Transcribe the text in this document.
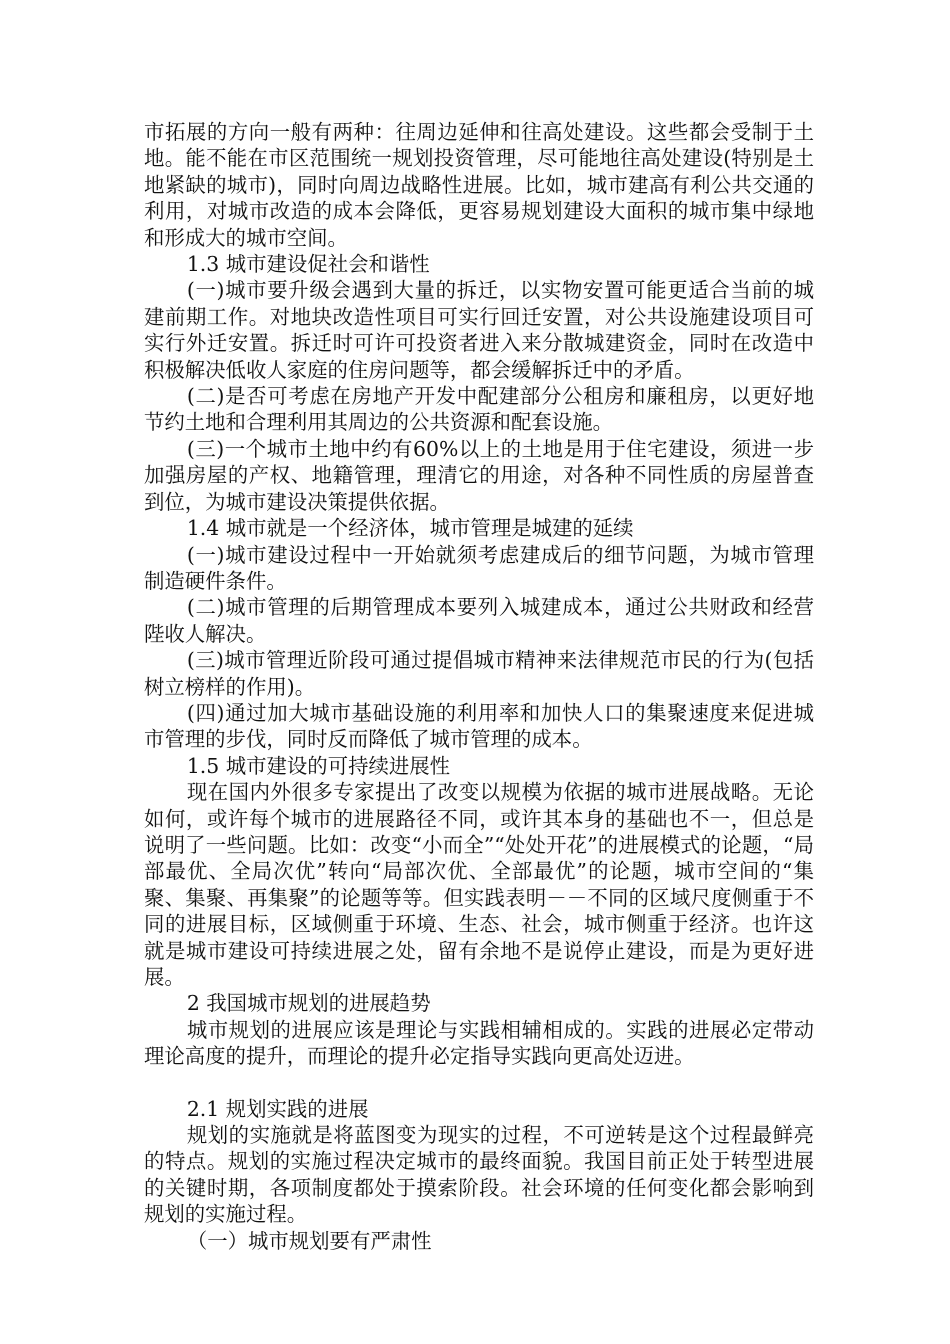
市拓展的方向一般有两种：往周边延伸和往高处建设。这些都会受制于土地。能不能在市区范围统一规划投资管理，尽可能地往高处建设(特别是土地紧缺的城市)，同时向周边战略性进展。比如，城市建高有利公共交通的利用，对城市改造的成本会降低，更容易规划建设大面积的城市集中绿地和形成大的城市空间。

1.3 城市建设促社会和谐性

(一)城市要升级会遇到大量的拆迁，以实物安置可能更适合当前的城建前期工作。对地块改造性项目可实行回迁安置，对公共设施建设项目可实行外迁安置。拆迁时可许可投资者进入来分散城建资金，同时在改造中积极解决低收人家庭的住房问题等，都会缓解拆迁中的矛盾。

(二)是否可考虑在房地产开发中配建部分公租房和廉租房，以更好地节约土地和合理利用其周边的公共资源和配套设施。

(三)一个城市土地中约有60%以上的土地是用于住宅建设，须进一步加强房屋的产权、地籍管理，理清它的用途，对各种不同性质的房屋普查到位，为城市建设决策提供依据。

1.4 城市就是一个经济体，城市管理是城建的延续

(一)城市建设过程中一开始就须考虑建成后的细节问题，为城市管理制造硬件条件。

(二)城市管理的后期管理成本要列入城建成本，通过公共财政和经营陛收人解决。

(三)城市管理近阶段可通过提倡城市精神来法律规范市民的行为(包括树立榜样的作用)。

(四)通过加大城市基础设施的利用率和加快人口的集聚速度来促进城市管理的步伐，同时反而降低了城市管理的成本。

1.5 城市建设的可持续进展性

现在国内外很多专家提出了改变以规模为依据的城市进展战略。无论如何，或许每个城市的进展路径不同，或许其本身的基础也不一，但总是说明了一些问题。比如：改变“小而全”“处处开花”的进展模式的论题，“局部最优、全局次优”转向“局部次优、全部最优”的论题，城市空间的“集聚、集聚、再集聚”的论题等等。但实践表明－－不同的区域尺度侧重于不同的进展目标，区域侧重于环境、生态、社会，城市侧重于经济。也许这就是城市建设可持续进展之处，留有余地不是说停止建设，而是为更好进展。

2 我国城市规划的进展趋势

城市规划的进展应该是理论与实践相辅相成的。实践的进展必定带动理论高度的提升，而理论的提升必定指导实践向更高处迈进。

2.1 规划实践的进展

规划的实施就是将蓝图变为现实的过程，不可逆转是这个过程最鲜亮的特点。规划的实施过程决定城市的最终面貌。我国目前正处于转型进展的关键时期，各项制度都处于摸索阶段。社会环境的任何变化都会影响到规划的实施过程。

（一）城市规划要有严肃性
